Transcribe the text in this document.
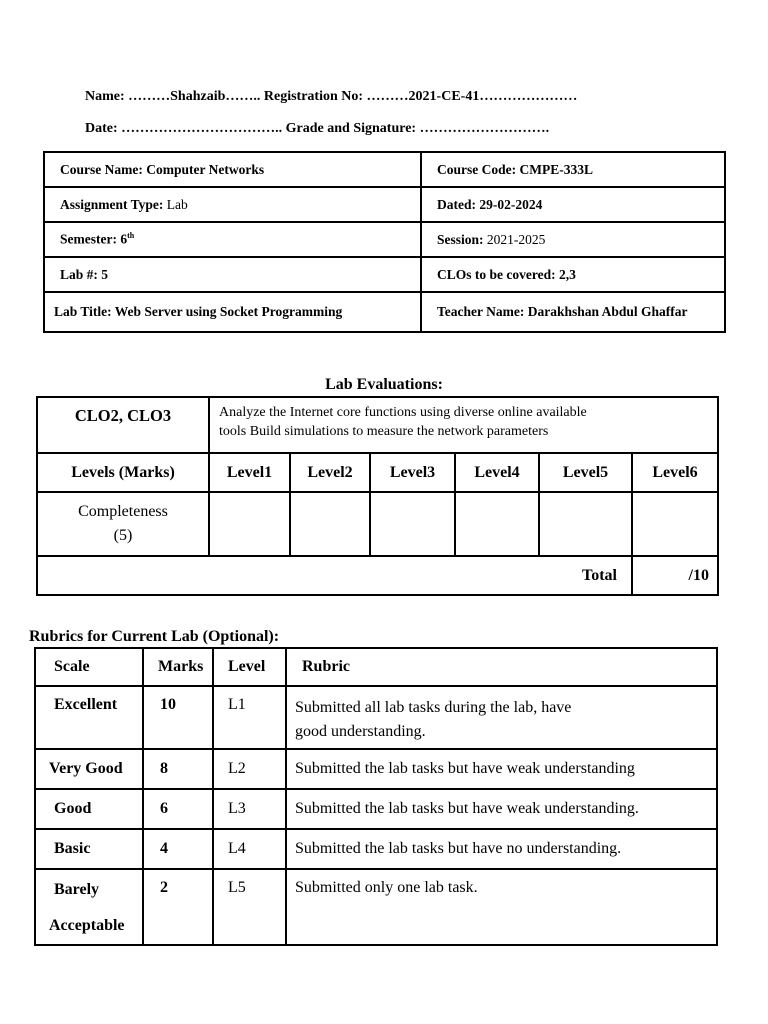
Name: ………Shahzaib…….. Registration No: ………2021-CE-41…………………
Date: …………………………….. Grade and Signature: ……………………….
Course Name: Computer Networks	Course Code: CMPE-333L
Assignment Type: Lab	Dated: 29-02-2024
Semester: 6th	Session: 2021-2025
Lab #: 5	CLOs to be covered: 2,3
Lab Title: Web Server using Socket Programming	Teacher Name: Darakhshan Abdul Ghaffar
Lab Evaluations:
CLO2, CLO3	Analyze the Internet core functions using diverse online available
tools Build simulations to measure the network parameters					

Levels (Marks)	Level1	Level2	Level3	Level4	Level5	Level6

Completeness
(5)						

Total						/10
Rubrics for Current Lab (Optional):
Scale	Marks	Level	Rubric
Excellent	10	L1	Submitted all lab tasks during the lab, have
good understanding.

Very Good	8	L2	Submitted the lab tasks but have weak understanding
Good	6	L3	Submitted the lab tasks but have weak understanding.
Basic	4	L4	Submitted the lab tasks but have no understanding.

Barely
Acceptable	2	L5	Submitted only one lab task.
